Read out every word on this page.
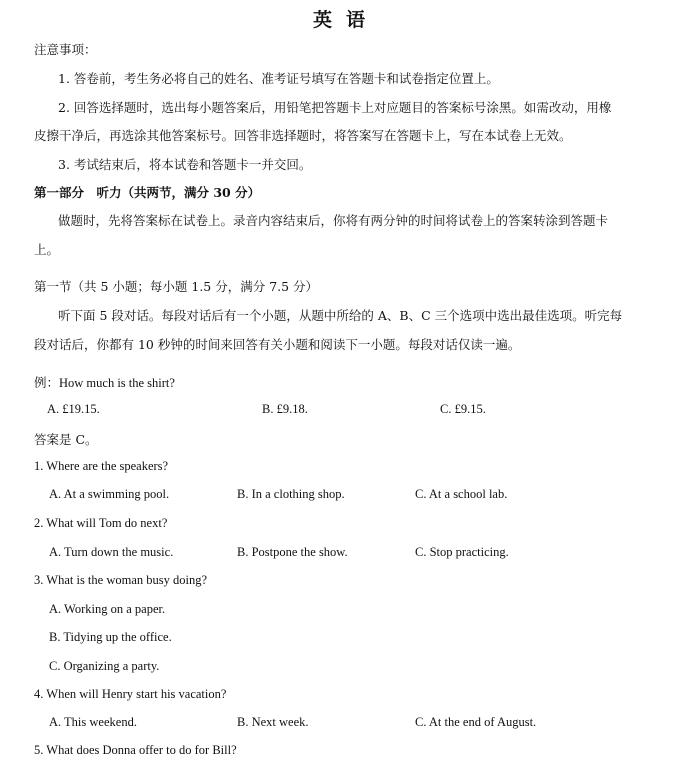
英语
注意事项：
1. 答卷前，考生务必将自己的姓名、准考证号填写在答题卡和试卷指定位置上。
2. 回答选择题时，选出每小题答案后，用铅笔把答题卡上对应题目的答案标号涂黑。如需改动，用橡
皮擦干净后，再选涂其他答案标号。回答非选择题时，将答案写在答题卡上，写在本试卷上无效。
3. 考试结束后，将本试卷和答题卡一并交回。
第一部分　听力（共两节，满分 30 分）
做题时，先将答案标在试卷上。录音内容结束后，你将有两分钟的时间将试卷上的答案转涂到答题卡
上。
第一节（共 5 小题；每小题 1.5 分，满分 7.5 分）
听下面 5 段对话。每段对话后有一个小题，从题中所给的 A、B、C 三个选项中选出最佳选项。听完每
段对话后，你都有 10 秒钟的时间来回答有关小题和阅读下一小题。每段对话仅读一遍。
例：How much is the shirt?
A. £19.15.	B. £9.18.	C. £9.15.
答案是 C。
1. Where are the speakers?
A. At a swimming pool.	B. In a clothing shop.	C. At a school lab.
2. What will Tom do next?
A. Turn down the music.	B. Postpone the show.	C. Stop practicing.
3. What is the woman busy doing?
A. Working on a paper.
B. Tidying up the office.
C. Organizing a party.
4. When will Henry start his vacation?
A. This weekend.	B. Next week.	C. At the end of August.
5. What does Donna offer to do for Bill?
